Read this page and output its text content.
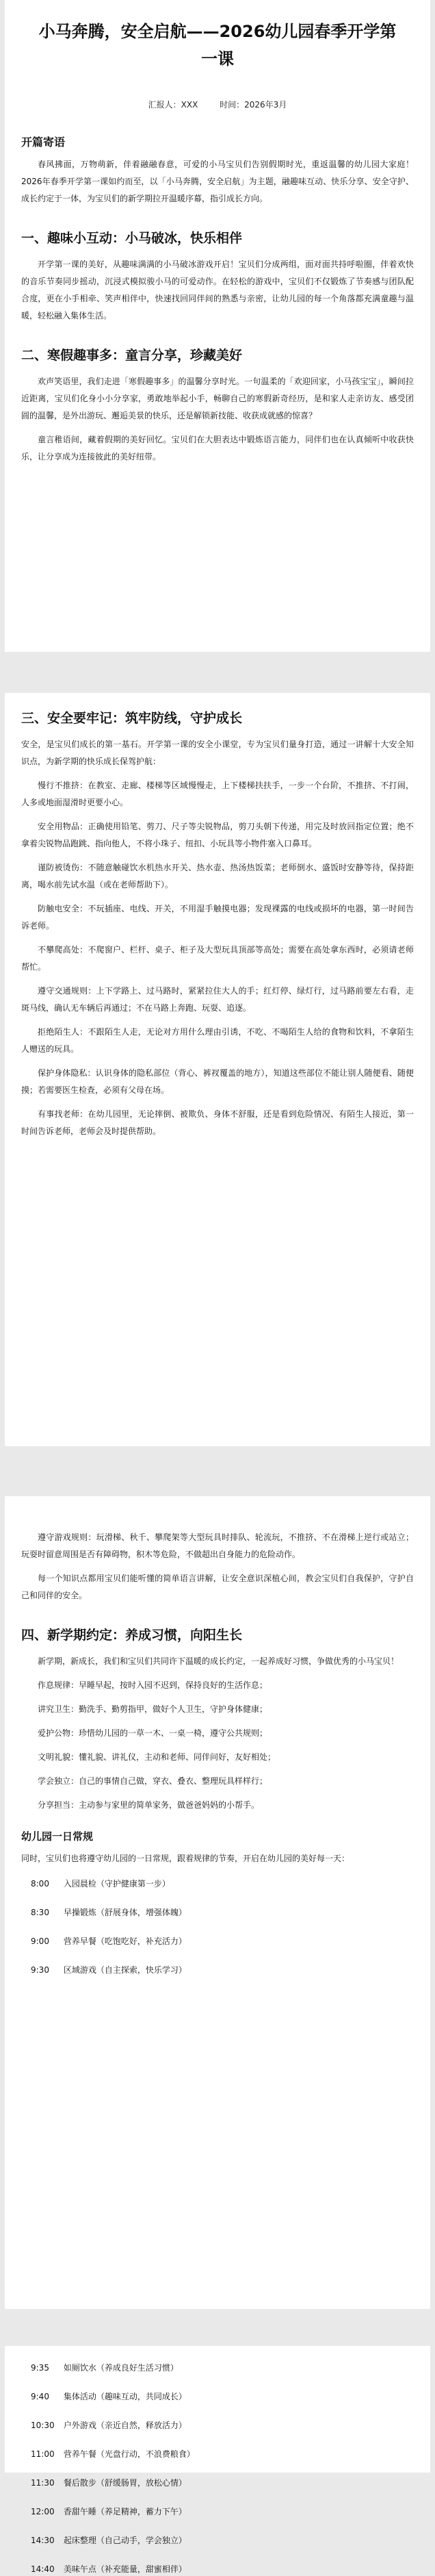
小马奔腾，安全启航——2026幼儿园春季开学第一课
汇报人：XXX	时间：2026年3月
开篇寄语

春风拂面，万物萌新，伴着融融春意，可爱的小马宝贝们告别假期时光，重返温馨的幼儿园大家庭！2026年春季开学第一课如约而至，以「小马奔腾，安全启航」为主题，融趣味互动、快乐分享、安全守护、成长约定于一体，为宝贝们的新学期拉开温暖序幕，指引成长方向。

一、趣味小互动：小马破冰，快乐相伴

开学第一课的美好，从趣味满满的小马破冰游戏开启！宝贝们分成两组，面对面共持呼啦圈，伴着欢快的音乐节奏同步摇动，沉浸式模拟骏小马的可爱动作。在轻松的游戏中，宝贝们不仅锻炼了节奏感与团队配合度，更在小手相牵、笑声相伴中，快速找回同伴间的熟悉与亲密，让幼儿园的每一个角落都充满童趣与温暖，轻松融入集体生活。

二、寒假趣事多：童言分享，珍藏美好

欢声笑语里，我们走进「寒假趣事多」的温馨分享时光。一句温柔的「欢迎回家，小马孩宝宝」，瞬间拉近距离，宝贝们化身小小分享家，勇敢地举起小手，畅聊自己的寒假新奇经历，是和家人走亲访友、感受团圆的温馨，是外出游玩、邂逅美景的快乐，还是解锁新技能、收获成就感的惊喜？

童言稚语间，藏着假期的美好回忆。宝贝们在大胆表达中锻炼语言能力，同伴们也在认真倾听中收获快乐，让分享成为连接彼此的美好纽带。

三、安全要牢记：筑牢防线，守护成长

安全，是宝贝们成长的第一基石。开学第一课的安全小课堂，专为宝贝们量身打造，通过一讲解十大安全知识点，为新学期的快乐成长保驾护航：

慢行不推挤：在教室、走廊、楼梯等区域慢慢走，上下楼梯扶扶手，一步一个台阶，不推挤、不打闹，人多或地面湿滑时更要小心。

安全用物品：正确使用铅笔、剪刀、尺子等尖锐物品，剪刀头朝下传递，用完及时放回指定位置；绝不拿着尖锐物品跑跳、指向他人，不将小珠子、纽扣、小玩具等小物件塞入口鼻耳。

谨防被烫伤：不随意触碰饮水机热水开关、热水壶、热汤热饭菜；老师倒水、盛饭时安静等待，保持距离，喝水前先试水温（或在老师帮助下）。

防触电安全：不玩插座、电线、开关，不用湿手触摸电器；发现裸露的电线或损坏的电器，第一时间告诉老师。

不攀爬高处：不爬窗户、栏杆、桌子、柜子及大型玩具顶部等高处；需要在高处拿东西时，必须请老师帮忙。

遵守交通规则：上下学路上、过马路时，紧紧拉住大人的手；红灯停、绿灯行，过马路前要左右看，走斑马线，确认无车辆后再通过；不在马路上奔跑、玩耍、追逐。

拒绝陌生人：不跟陌生人走，无论对方用什么理由引诱，不吃、不喝陌生人给的食物和饮料，不拿陌生人赠送的玩具。

保护身体隐私：认识身体的隐私部位（背心、裤衩覆盖的地方），知道这些部位不能让别人随便看、随便摸；若需要医生检查，必须有父母在场。

有事找老师：在幼儿园里，无论摔倒、被欺负、身体不舒服，还是看到危险情况、有陌生人接近，第一时间告诉老师，老师会及时提供帮助。

遵守游戏规则：玩滑梯、秋千、攀爬架等大型玩具时排队、轮流玩，不推挤、不在滑梯上逆行或站立；玩耍时留意周围是否有障碍物，积木等危险，不做超出自身能力的危险动作。

每一个知识点都用宝贝们能听懂的简单语言讲解，让安全意识深植心间，教会宝贝们自我保护，守护自己和同伴的安全。

四、新学期约定：养成习惯，向阳生长

新学期，新成长，我们和宝贝们共同许下温暖的成长约定，一起养成好习惯，争做优秀的小马宝贝！

作息规律：早睡早起，按时入园不迟到，保持良好的生活作息；

讲究卫生：勤洗手、勤剪指甲，做好个人卫生，守护身体健康；

爱护公物：珍惜幼儿园的一草一木、一桌一椅，遵守公共规则；

文明礼貌：懂礼貌、讲礼仪，主动和老师、同伴问好，友好相处；

学会独立：自己的事情自己做，穿衣、叠衣、整理玩具样样行；

分享担当：主动参与家里的简单家务，做爸爸妈妈的小帮手。

幼儿园一日常规

同时，宝贝们也将遵守幼儿园的一日常规，跟着规律的节奏，开启在幼儿园的美好每一天：

8:00 入园晨检（守护健康第一步）
8:30 早操锻炼（舒展身体，增强体魄）
9:00 营养早餐（吃饱吃好，补充活力）
9:30 区域游戏（自主探索，快乐学习）
9:35 如厕饮水（养成良好生活习惯）
9:40 集体活动（趣味互动，共同成长）
10:30 户外游戏（亲近自然，释放活力）
11:00 营养午餐（光盘行动，不浪费粮食）
11:30 餐后散步（舒缓肠胃，放松心情）
12:00 香甜午睡（养足精神，蓄力下午）
14:30 起床整理（自己动手，学会独立）
14:40 美味午点（补充能量，甜蜜相伴）
